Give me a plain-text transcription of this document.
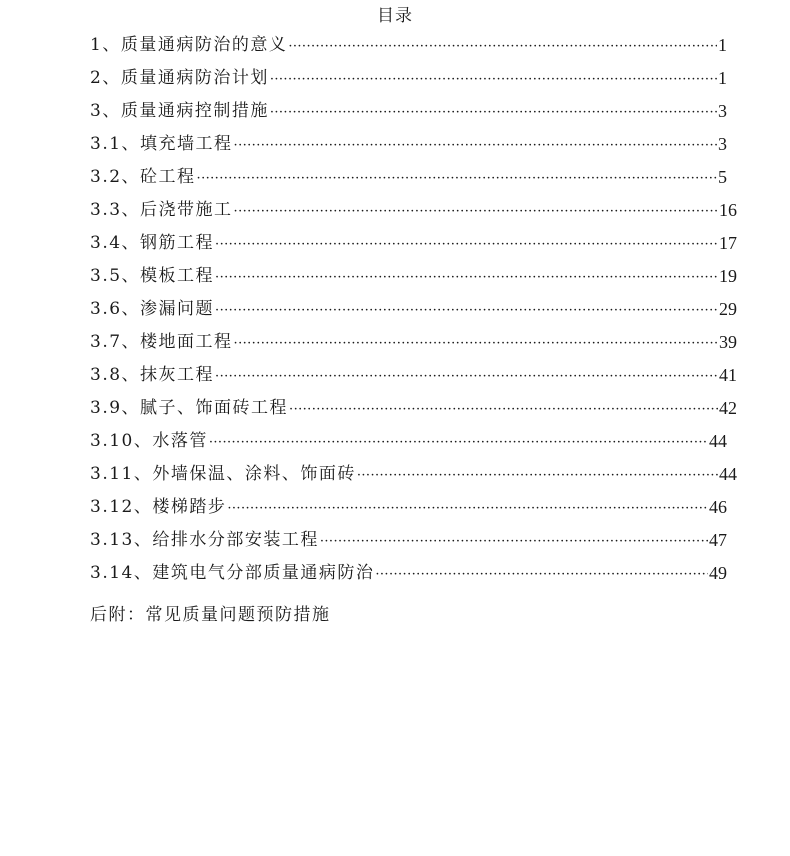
目录
1、质量通病防治的意义 ·····	1
2、质量通病防治计划 ·····	1
3、质量通病控制措施 ·····	3
3.1、填充墙工程 ·····	3
3.2、砼工程 ·····	5
3.3、后浇带施工 ·····	16
3.4、钢筋工程 ·····	17
3.5、模板工程 ·····	19
3.6、渗漏问题 ·····	29
3.7、楼地面工程 ·····	39
3.8、抹灰工程 ·····	41
3.9、腻子、饰面砖工程 ·····	42
3.10、水落管 ·····	44
3.11、外墙保温、涂料、饰面砖 ·····	44
3.12、楼梯踏步 ·····	46
3.13、给排水分部安装工程 ·····	47
3.14、建筑电气分部质量通病防治 ·····	49
后附：常见质量问题预防措施
